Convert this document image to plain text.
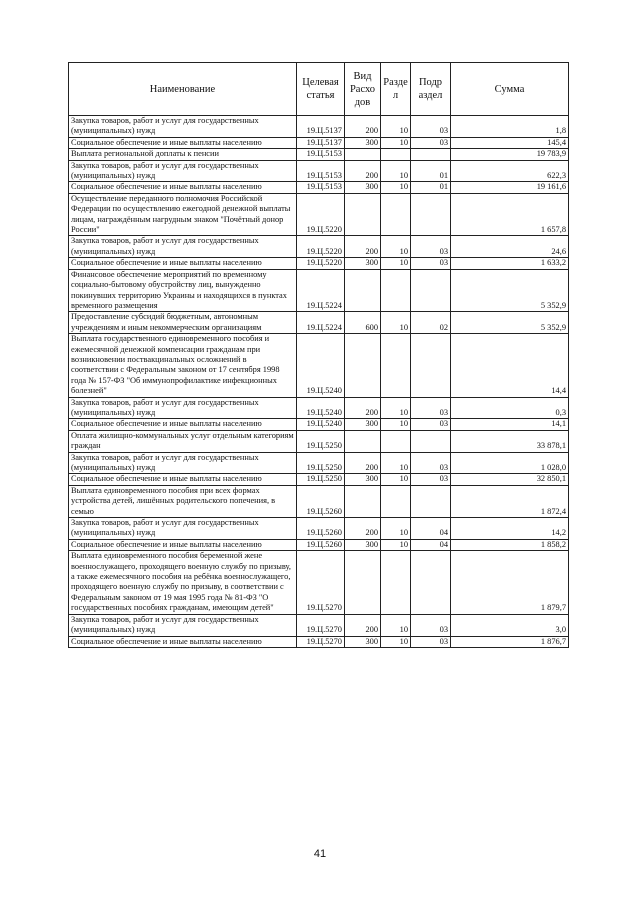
Наименование	Целевая статья	Вид Расхо дов	Разде л	Подр аздел	Сумма
Закупка товаров, работ и услуг для государственных (муниципальных) нужд	19.Ц.5137	200	10	03	1,8
Социальное обеспечение и иные выплаты населению	19.Ц.5137	300	10	03	145,4
Выплата региональной доплаты к пенсии	19.Ц.5153				19 783,9
Закупка товаров, работ и услуг для государственных (муниципальных) нужд	19.Ц.5153	200	10	01	622,3
Социальное обеспечение и иные выплаты населению	19.Ц.5153	300	10	01	19 161,6
Осуществление переданного полномочия Российской Федерации по осуществлению ежегодной денежной выплаты лицам, награждённым нагрудным знаком "Почётный донор России"	19.Ц.5220				1 657,8
Закупка товаров, работ и услуг для государственных (муниципальных) нужд	19.Ц.5220	200	10	03	24,6
Социальное обеспечение и иные выплаты населению	19.Ц.5220	300	10	03	1 633,2
Финансовое обеспечение мероприятий по временному социально-бытовому обустройству лиц, вынужденно покинувших территорию Украины и находящихся в пунктах временного размещения	19.Ц.5224				5 352,9
Предоставление субсидий бюджетным, автономным учреждениям и иным некоммерческим организациям	19.Ц.5224	600	10	02	5 352,9
Выплата государственного единовременного пособия и ежемесячной денежной компенсации гражданам при возникновении поствакцинальных осложнений в соответствии с Федеральным законом от 17 сентября 1998 года № 157-ФЗ "Об иммунопрофилактике инфекционных болезней"	19.Ц.5240				14,4
Закупка товаров, работ и услуг для государственных (муниципальных) нужд	19.Ц.5240	200	10	03	0,3
Социальное обеспечение и иные выплаты населению	19.Ц.5240	300	10	03	14,1
Оплата жилищно-коммунальных услуг отдельным категориям граждан	19.Ц.5250				33 878,1
Закупка товаров, работ и услуг для государственных (муниципальных) нужд	19.Ц.5250	200	10	03	1 028,0
Социальное обеспечение и иные выплаты населению	19.Ц.5250	300	10	03	32 850,1
Выплата единовременного пособия при всех формах устройства детей, лишённых родительского попечения, в семью	19.Ц.5260				1 872,4
Закупка товаров, работ и услуг для государственных (муниципальных) нужд	19.Ц.5260	200	10	04	14,2
Социальное обеспечение и иные выплаты населению	19.Ц.5260	300	10	04	1 858,2
Выплата единовременного пособия беременной жене военнослужащего, проходящего военную службу по призыву, а также ежемесячного пособия на ребёнка военнослужащего, проходящего военную службу по призыву, в соответствии с Федеральным законом от 19 мая 1995 года № 81-ФЗ "О государственных пособиях гражданам, имеющим детей"	19.Ц.5270				1 879,7
Закупка товаров, работ и услуг для государственных (муниципальных) нужд	19.Ц.5270	200	10	03	3,0
Социальное обеспечение и иные выплаты населению	19.Ц.5270	300	10	03	1 876,7
41
